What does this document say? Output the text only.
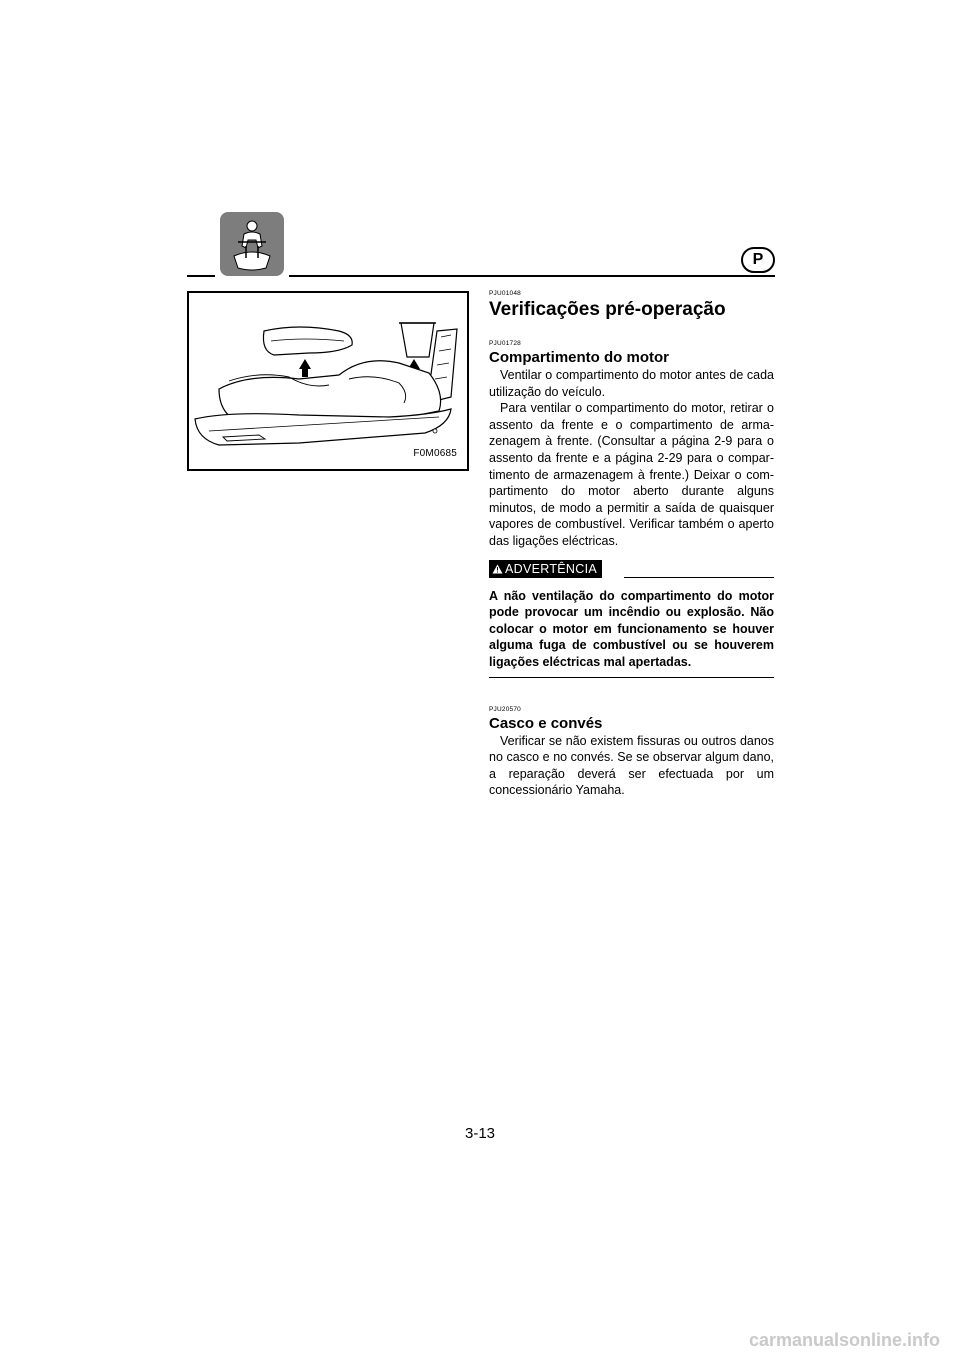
P
F0M0685
PJU01048
Verificações pré-operação
PJU01728
Compartimento do motor

Ventilar o compartimento do motor antes de cada utilização do veículo.

Para ventilar o compartimento do motor, retirar o assento da frente e o compartimento de arma-zenagem à frente. (Consultar a página 2-9 para o assento da frente e a página 2-29 para o compar-timento de armazenagem à frente.) Deixar o com-partimento do motor aberto durante alguns minutos, de modo a permitir a saída de quaisquer vapores de combustível. Verificar também o aperto das ligações eléctricas.

ADVERTÊNCIA
A não ventilação do compartimento do motor pode provocar um incêndio ou explosão. Não colocar o motor em funcionamento se houver alguma fuga de combustível ou se houverem ligações eléctricas mal apertadas.
PJU20570
Casco e convés

Verificar se não existem fissuras ou outros danos no casco e no convés. Se se observar algum dano, a reparação deverá ser efectuada por um concessionário Yamaha.

3-13
carmanualsonline.info
